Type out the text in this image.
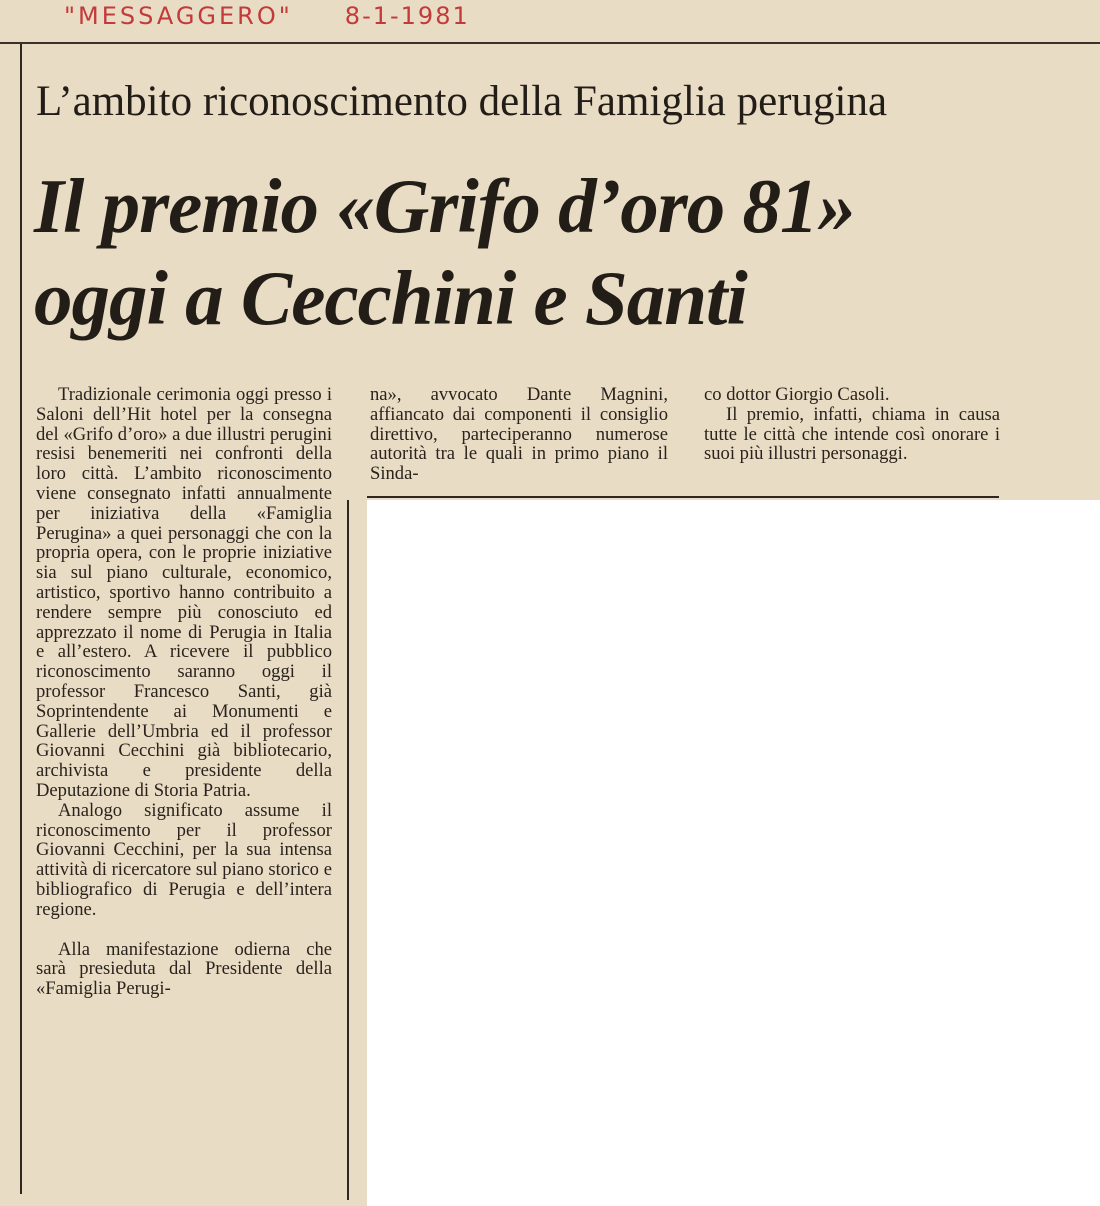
"MESSAGGERO" 8-1-1981
L’ambito riconoscimento della Famiglia perugina
Il premio «Grifo d’oro 81»
oggi a Cecchini e Santi

Tradizionale cerimonia oggi presso i Saloni dell’Hit hotel per la consegna del «Grifo d’oro» a due illustri perugini resisi benemeriti nei confronti della loro città. L’ambito riconoscimento viene consegnato infatti annualmente per iniziativa della «Famiglia Perugina» a quei personaggi che con la propria opera, con le proprie iniziative sia sul piano culturale, economico, artistico, sportivo hanno contribuito a rendere sempre più conosciuto ed apprezzato il nome di Perugia in Italia e all’estero. A ricevere il pubblico riconoscimento saranno oggi il professor Francesco Santi, già Soprintendente ai Monumenti e Gallerie dell’Umbria ed il professor Giovanni Cecchini già bibliotecario, archivista e presidente della Deputazione di Storia Patria.

Analogo significato assume il riconoscimento per il professor Giovanni Cecchini, per la sua intensa attività di ricercatore sul piano storico e bibliografico di Perugia e dell’intera regione.

Alla manifestazione odierna che sarà presieduta dal Presidente della «Famiglia Perugi-

na», avvocato Dante Magnini, affiancato dai componenti il consiglio direttivo, parteciperanno numerose autorità tra le quali in primo piano il Sinda-

co dottor Giorgio Casoli.

Il premio, infatti, chiama in causa tutte le città che intende così onorare i suoi più illustri personaggi.
